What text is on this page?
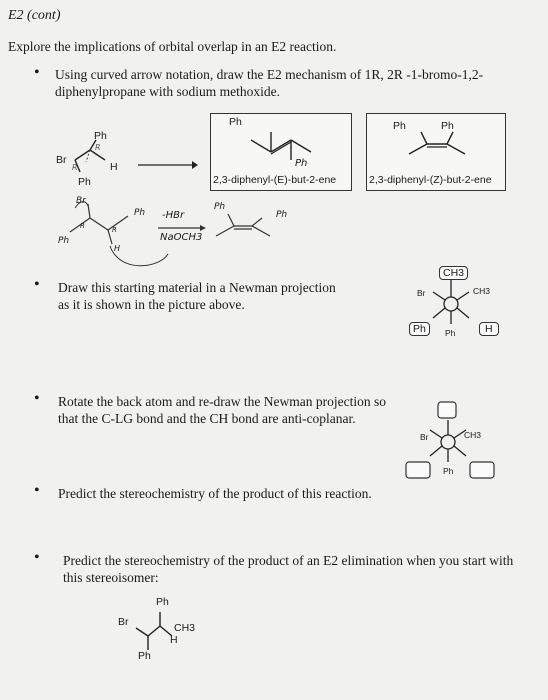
E2 (cont)
Explore the implications of orbital overlap in an E2 reaction.
• Using curved arrow notation, draw the E2 mechanism of 1R, 2R -1-bromo-1,2-diphenylpropane with sodium methoxide.
Ph
Br
H
Ph
R
R
Ph
Ph
2,3-diphenyl-(E)-but-2-ene
Ph	Ph
2,3-diphenyl-(Z)-but-2-ene
Br
Ph
Ph
H
R	R
-HBr
NaOCH3
Ph
Ph
• Draw this starting material in a Newman projection as it is shown in the picture above.
CH3
Br	CH3
Ph	Ph	H
• Rotate the back atom and re-draw the Newman projection so that the C-LG bond and the CH bond are anti-coplanar.
Br	CH3
Ph
• Predict the stereochemistry of the product of this reaction.
• Predict the stereochemistry of the product of an E2 elimination when you start with this stereoisomer:
Ph
Br	CH3
H
Ph
